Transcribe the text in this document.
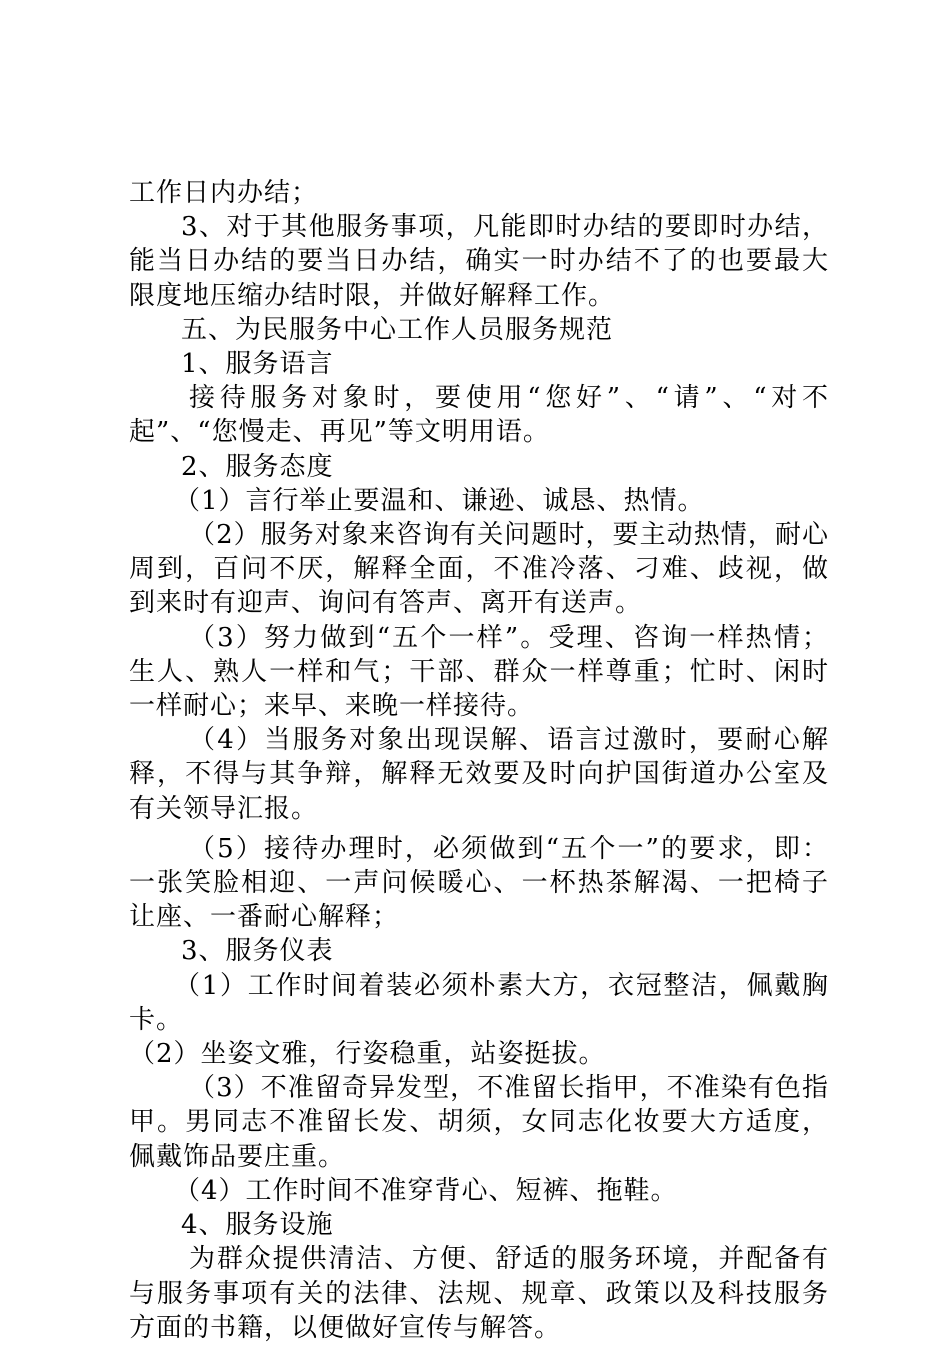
工作日内办结；

3、对于其他服务事项，凡能即时办结的要即时办结，能当日办结的要当日办结，确实一时办结不了的也要最大限度地压缩办结时限，并做好解释工作。

五、为民服务中心工作人员服务规范

1、服务语言

接待服务对象时，要使用“您好”、“请”、“对不起”、“您慢走、再见”等文明用语。

2、服务态度

（1）言行举止要温和、谦逊、诚恳、热情。

（2）服务对象来咨询有关问题时，要主动热情，耐心周到，百问不厌，解释全面，不准冷落、刁难、歧视，做到来时有迎声、询问有答声、离开有送声。

（3）努力做到“五个一样”。受理、咨询一样热情；生人、熟人一样和气；干部、群众一样尊重；忙时、闲时一样耐心；来早、来晚一样接待。

（4）当服务对象出现误解、语言过激时，要耐心解释，不得与其争辩，解释无效要及时向护国街道办公室及有关领导汇报。

（5）接待办理时，必须做到“五个一”的要求，即：一张笑脸相迎、一声问候暖心、一杯热茶解渴、一把椅子让座、一番耐心解释；

3、服务仪表

（1）工作时间着装必须朴素大方，衣冠整洁，佩戴胸卡。

（2）坐姿文雅，行姿稳重，站姿挺拔。

（3）不准留奇异发型，不准留长指甲，不准染有色指甲。男同志不准留长发、胡须，女同志化妆要大方适度，佩戴饰品要庄重。

（4）工作时间不准穿背心、短裤、拖鞋。

4、服务设施

为群众提供清洁、方便、舒适的服务环境，并配备有与服务事项有关的法律、法规、规章、政策以及科技服务方面的书籍，以便做好宣传与解答。
